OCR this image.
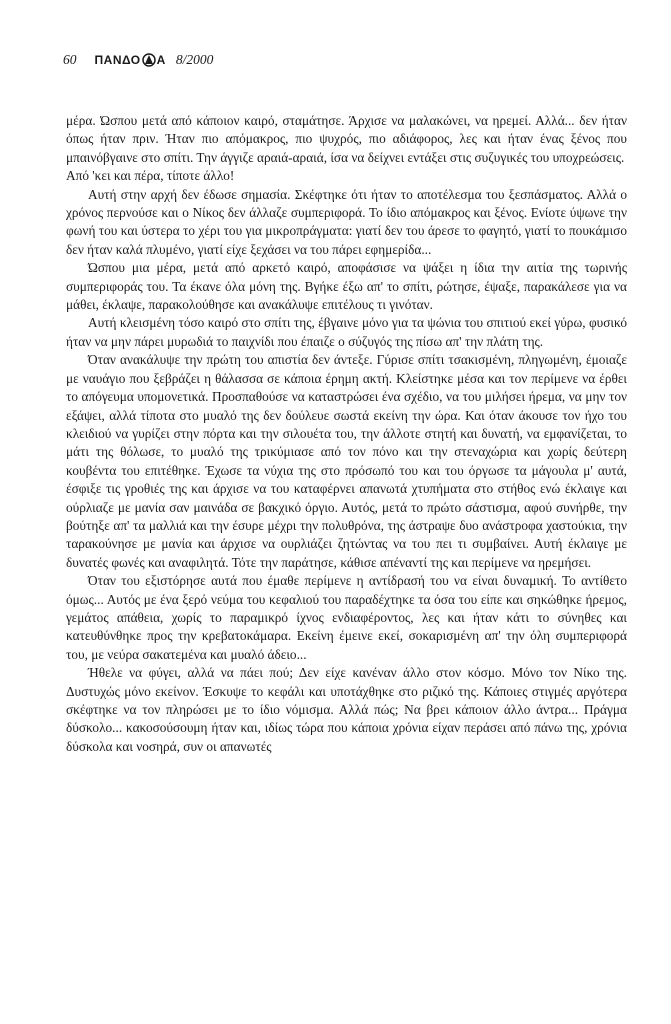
60 ΠΑΝΔΟ Α 8/2000

μέρα. Ώσπου μετά από κάποιον καιρό, σταμάτησε. Άρχισε να μαλακώνει, να ηρεμεί. Αλλά... δεν ήταν όπως ήταν πριν. Ήταν πιο απόμακρος, πιο ψυχρός, πιο αδιάφορος, λες και ήταν ένας ξένος που μπαινόβγαινε στο σπίτι. Την άγγιζε αραιά-αραιά, ίσα να δείχνει εντάξει στις συζυγικές του υποχρεώσεις.

Από 'κει και πέρα, τίποτε άλλο!

Αυτή στην αρχή δεν έδωσε σημασία. Σκέφτηκε ότι ήταν το αποτέλεσμα του ξεσπάσματος. Αλλά ο χρόνος περνούσε και ο Νίκος δεν άλλαζε συμπεριφορά. Το ίδιο απόμακρος και ξένος. Ενίοτε ύψωνε την φωνή του και ύστερα το χέρι του για μικροπράγματα: γιατί δεν του άρεσε το φαγητό, γιατί το πουκάμισο δεν ήταν καλά πλυμένο, γιατί είχε ξεχάσει να του πάρει εφημερίδα...

Ώσπου μια μέρα, μετά από αρκετό καιρό, αποφάσισε να ψάξει η ίδια την αιτία της τωρινής συμπεριφοράς του. Τα έκανε όλα μόνη της. Βγήκε έξω απ' το σπίτι, ρώτησε, έψαξε, παρακάλεσε για να μάθει, έκλαψε, παρακολούθησε και ανακάλυψε επιτέλους τι γινόταν.

Αυτή κλεισμένη τόσο καιρό στο σπίτι της, έβγαινε μόνο για τα ψώνια του σπιτιού εκεί γύρω, φυσικό ήταν να μην πάρει μυρωδιά το παιχνίδι που έπαιζε ο σύζυγός της πίσω απ' την πλάτη της.

Όταν ανακάλυψε την πρώτη του απιστία δεν άντεξε. Γύρισε σπίτι τσακισμένη, πληγωμένη, έμοιαζε με ναυάγιο που ξεβράζει η θάλασσα σε κάποια έρημη ακτή. Κλείστηκε μέσα και τον περίμενε να έρθει το απόγευμα υπομονετικά. Προσπαθούσε να καταστρώσει ένα σχέδιο, να του μιλήσει ήρεμα, να μην τον εξάψει, αλλά τίποτα στο μυαλό της δεν δούλευε σωστά εκείνη την ώρα. Και όταν άκουσε τον ήχο του κλειδιού να γυρίζει στην πόρτα και την σιλουέτα του, την άλλοτε στητή και δυνατή, να εμφανίζεται, το μάτι της θόλωσε, το μυαλό της τρικύμιασε από τον πόνο και την στεναχώρια και χωρίς δεύτερη κουβέντα του επιτέθηκε. Έχωσε τα νύχια της στο πρόσωπό του και του όργωσε τα μάγουλα μ' αυτά, έσφιξε τις γροθιές της και άρχισε να του καταφέρνει απανωτά χτυπήματα στο στήθος ενώ έκλαιγε και ούρλιαζε με μανία σαν μαινάδα σε βακχικό όργιο. Αυτός, μετά το πρώτο σάστισμα, αφού συνήρθε, την βούτηξε απ' τα μαλλιά και την έσυρε μέχρι την πολυθρόνα, της άστραψε δυο ανάστροφα χαστούκια, την ταρακούνησε με μανία και άρχισε να ουρλιάζει ζητώντας να του πει τι συμβαίνει. Αυτή έκλαιγε με δυνατές φωνές και αναφιλητά. Τότε την παράτησε, κάθισε απέναντί της και περίμενε να ηρεμήσει.

Όταν του εξιστόρησε αυτά που έμαθε περίμενε η αντίδρασή του να είναι δυναμική. Το αντίθετο όμως... Αυτός με ένα ξερό νεύμα του κεφαλιού του παραδέχτηκε τα όσα του είπε και σηκώθηκε ήρεμος, γεμάτος απάθεια, χωρίς το παραμικρό ίχνος ενδιαφέροντος, λες και ήταν κάτι το σύνηθες και κατευθύνθηκε προς την κρεβατοκάμαρα. Εκείνη έμεινε εκεί, σοκαρισμένη απ' την όλη συμπεριφορά του, με νεύρα σακατεμένα και μυαλό άδειο...

Ήθελε να φύγει, αλλά να πάει πού; Δεν είχε κανέναν άλλο στον κόσμο. Μόνο τον Νίκο της. Δυστυχώς μόνο εκείνον. Έσκυψε το κεφάλι και υποτάχθηκε στο ριζικό της. Κάποιες στιγμές αργότερα σκέφτηκε να τον πληρώσει με το ίδιο νόμισμα. Αλλά πώς; Να βρει κάποιον άλλο άντρα... Πράγμα δύσκολο... κακοσούσουμη ήταν και, ιδίως τώρα που κάποια χρόνια είχαν περάσει από πάνω της, χρόνια δύσκολα και νοσηρά, συν οι απανωτές
